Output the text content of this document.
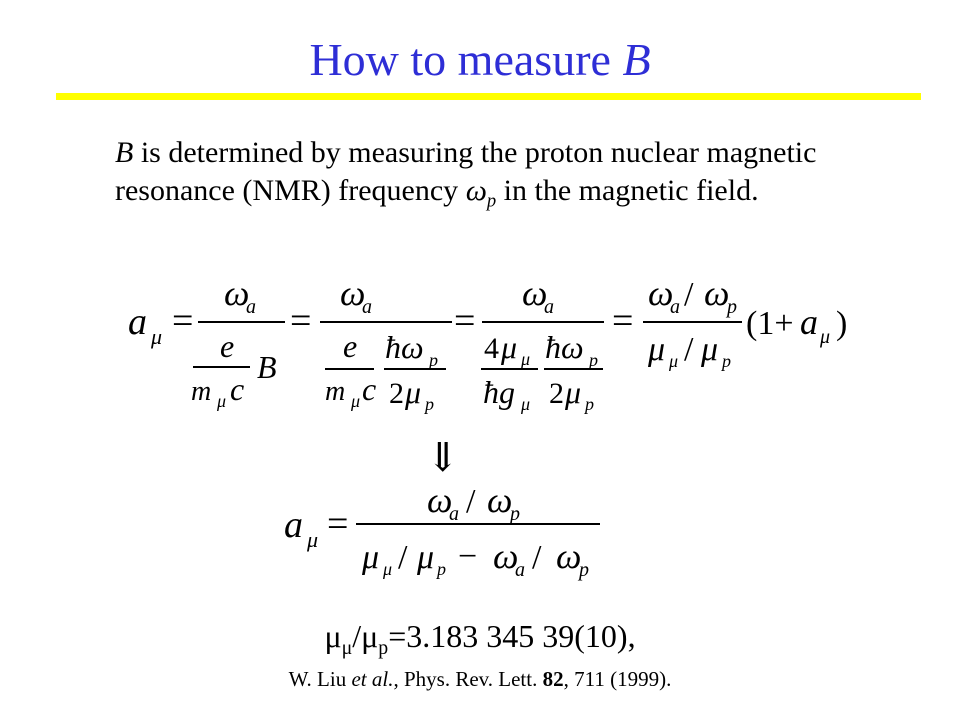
How to measure B
B is determined by measuring the proton nuclear magnetic resonance (NMR) frequency $\omega_p$ in the magnetic field.
a μ =
ω
a
e
m μ c
B
=
ω
a
e
m μ c
ħω p
2 μ p
=
ω
a
4 μ μ
ħg μ
ħω p
2 μ p
=
ω
a / ω
p
μ μ / μ p
(1+ a μ )
⇓
a μ =
ω
a / ω
p
μ μ / μ p − ω
a / ω
p
$\mu_\mu/\mu_p=3.183$ 345 39(10),
W. Liu et al., Phys. Rev. Lett. 82, 711 (1999).
